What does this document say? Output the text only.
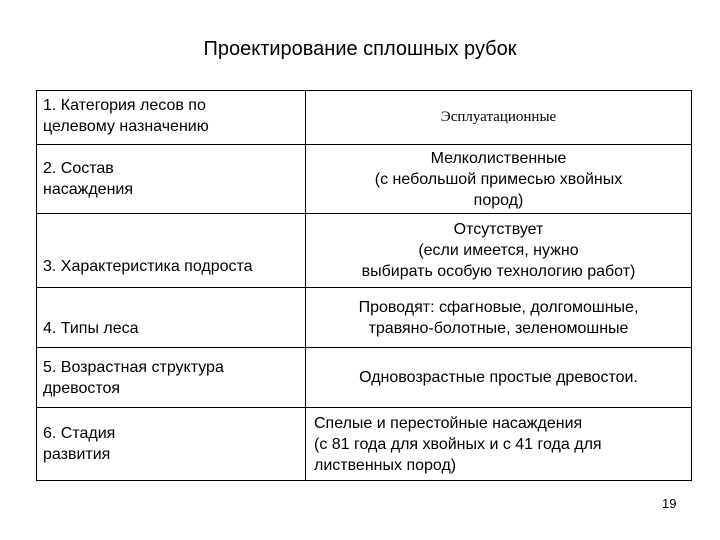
Проектирование сплошных рубок
1. Категория лесов по
целевому назначению
Эсплуатационные
2. Состав
насаждения
Мелколиственные
(с небольшой примесью хвойных
пород)
3. Характеристика подроста
Отсутствует
(если имеется, нужно
выбирать особую технологию работ)
4. Типы леса
Проводят: сфагновые, долгомошные,
травяно-болотные, зеленомошные
5. Возрастная структура
древостоя
Одновозрастные простые древостои.
6. Стадия
развития
Спелые и перестойные насаждения
(с 81 года для хвойных и с 41 года для
лиственных пород)
19
